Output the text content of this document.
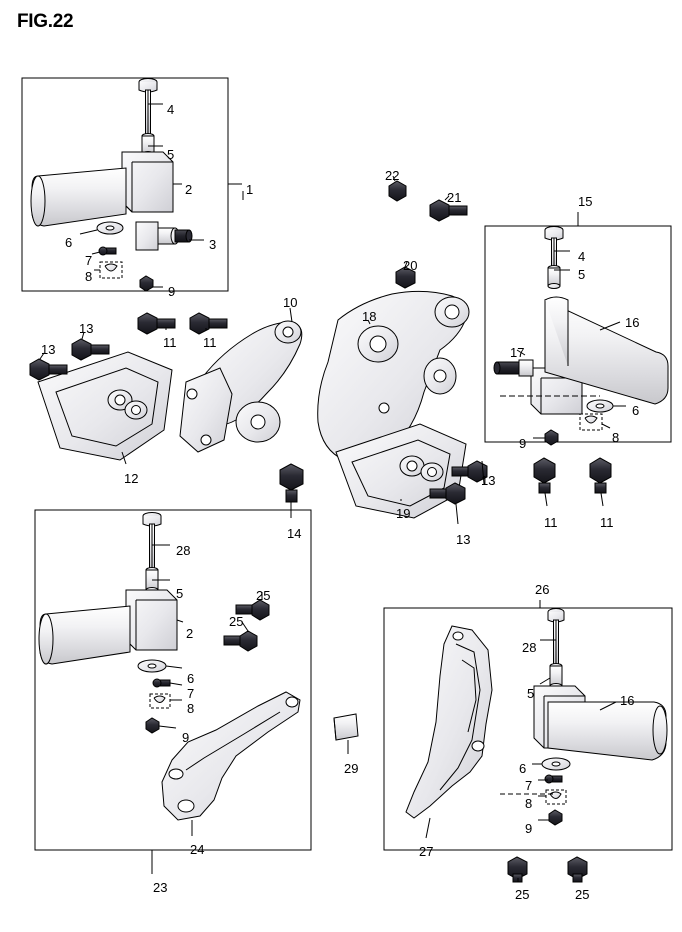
FIG.22
4
5
2	1
3
6
7
8
9
22
21	15
4
5
16
17
6
8
9
20
10
18
13
11 11
13
12
14
19
13
13
11	11
28
5
2
25
25
6
7
8
9
24
23
29
26
28
5	16
6
7
8
9
27
25	25
